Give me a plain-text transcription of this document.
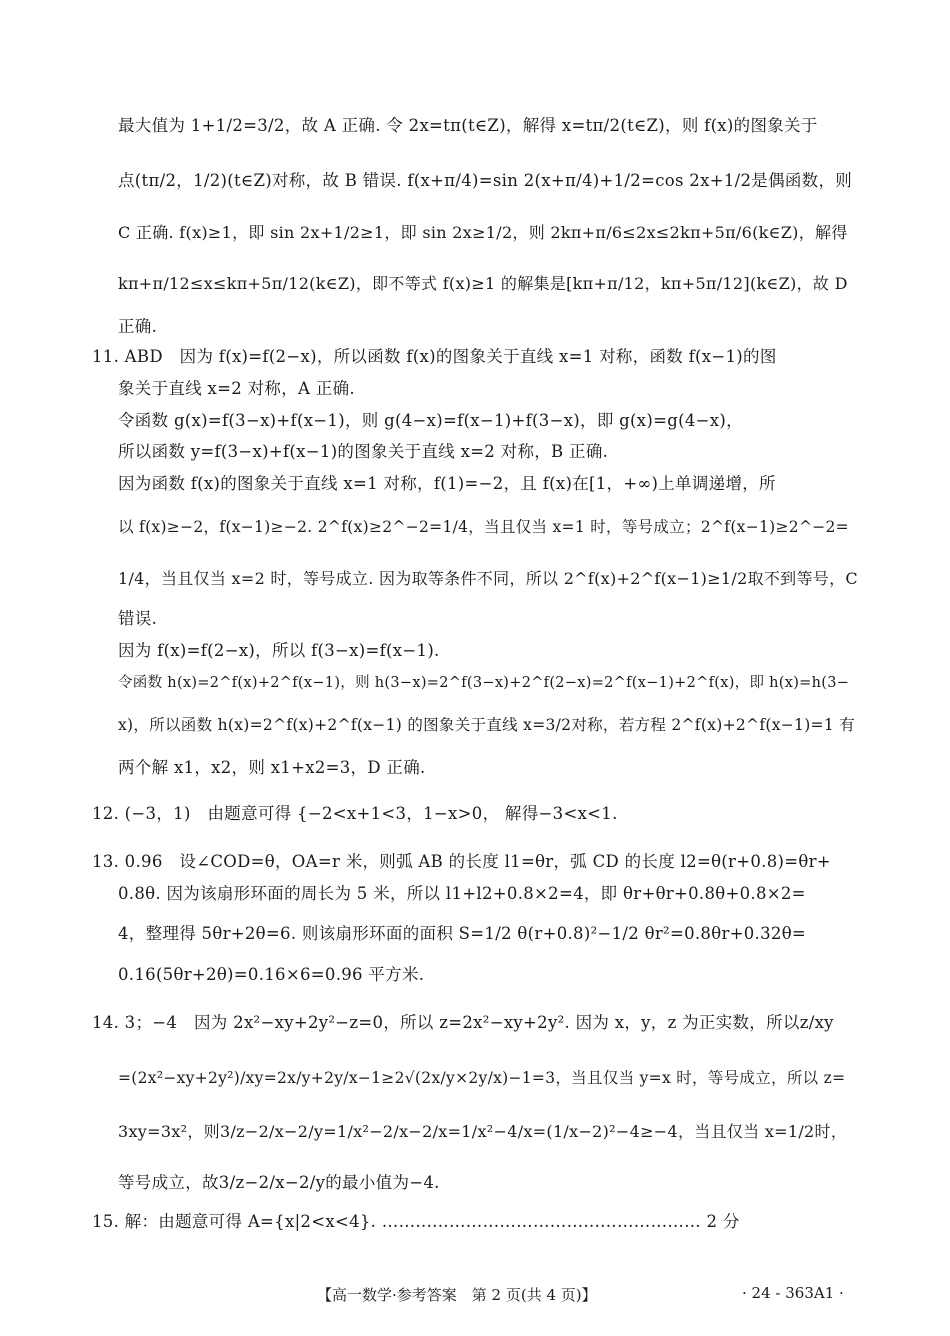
最大值为 1+1/2=3/2，故 A 正确. 令 2x=tπ(t∈Z)，解得 x=tπ/2(t∈Z)，则 f(x)的图象关于
点(tπ/2，1/2)(t∈Z)对称，故 B 错误. f(x+π/4)=sin 2(x+π/4)+1/2=cos 2x+1/2是偶函数，则
C 正确. f(x)≥1，即 sin 2x+1/2≥1，即 sin 2x≥1/2，则 2kπ+π/6≤2x≤2kπ+5π/6(k∈Z)，解得
kπ+π/12≤x≤kπ+5π/12(k∈Z)，即不等式 f(x)≥1 的解集是[kπ+π/12，kπ+5π/12](k∈Z)，故 D
正确.
11. ABD　因为 f(x)=f(2−x)，所以函数 f(x)的图象关于直线 x=1 对称，函数 f(x−1)的图
象关于直线 x=2 对称，A 正确.
令函数 g(x)=f(3−x)+f(x−1)，则 g(4−x)=f(x−1)+f(3−x)，即 g(x)=g(4−x)，
所以函数 y=f(3−x)+f(x−1)的图象关于直线 x=2 对称，B 正确.
因为函数 f(x)的图象关于直线 x=1 对称，f(1)=−2，且 f(x)在[1，+∞)上单调递增，所
以 f(x)≥−2，f(x−1)≥−2. 2^f(x)≥2^−2=1/4，当且仅当 x=1 时，等号成立；2^f(x−1)≥2^−2=
1/4，当且仅当 x=2 时，等号成立. 因为取等条件不同，所以 2^f(x)+2^f(x−1)≥1/2取不到等号，C
错误.
因为 f(x)=f(2−x)，所以 f(3−x)=f(x−1).
令函数 h(x)=2^f(x)+2^f(x−1)，则 h(3−x)=2^f(3−x)+2^f(2−x)=2^f(x−1)+2^f(x)，即 h(x)=h(3−
x)，所以函数 h(x)=2^f(x)+2^f(x−1) 的图象关于直线 x=3/2对称，若方程 2^f(x)+2^f(x−1)=1 有
两个解 x1，x2，则 x1+x2=3，D 正确.
12. (−3，1)　由题意可得 {−2<x+1<3，1−x>0， 解得−3<x<1.
13. 0.96　设∠COD=θ，OA=r 米，则弧 AB 的长度 l1=θr，弧 CD 的长度 l2=θ(r+0.8)=θr+
0.8θ. 因为该扇形环面的周长为 5 米，所以 l1+l2+0.8×2=4，即 θr+θr+0.8θ+0.8×2=
4，整理得 5θr+2θ=6. 则该扇形环面的面积 S=1/2 θ(r+0.8)²−1/2 θr²=0.8θr+0.32θ=
0.16(5θr+2θ)=0.16×6=0.96 平方米.
14. 3；−4　因为 2x²−xy+2y²−z=0，所以 z=2x²−xy+2y². 因为 x，y，z 为正实数，所以z/xy
=(2x²−xy+2y²)/xy=2x/y+2y/x−1≥2√(2x/y×2y/x)−1=3，当且仅当 y=x 时，等号成立，所以 z=
3xy=3x²，则3/z−2/x−2/y=1/x²−2/x−2/x=1/x²−4/x=(1/x−2)²−4≥−4，当且仅当 x=1/2时，
等号成立，故3/z−2/x−2/y的最小值为−4.
15. 解：由题意可得 A={x|2<x<4}. ………………………………………………… 2 分
【高一数学·参考答案　第 2 页(共 4 页)】	· 24 - 363A1 ·
